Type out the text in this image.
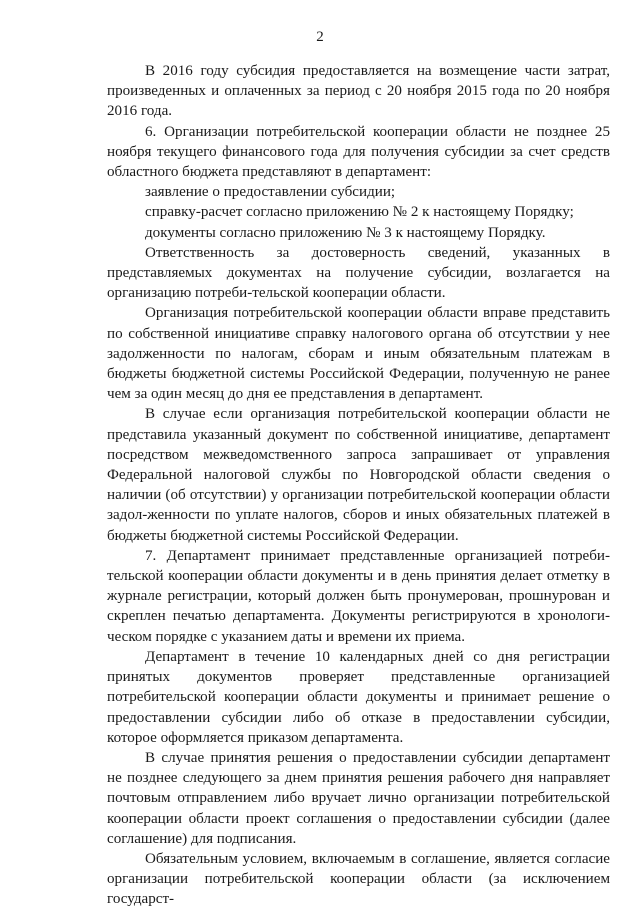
2

В 2016 году субсидия предоставляется на возмещение части затрат, произведенных и оплаченных за период с 20 ноября 2015 года по 20 ноября 2016 года.

6. Организации потребительской кооперации области не позднее 25 ноября текущего финансового года для получения субсидии за счет средств областного бюджета представляют в департамент:

заявление о предоставлении субсидии;

справку-расчет согласно приложению № 2 к настоящему Порядку;

документы согласно приложению № 3 к настоящему Порядку.

Ответственность за достоверность сведений, указанных в представляемых документах на получение субсидии, возлагается на организацию потреби-тельской кооперации области.

Организация потребительской кооперации области вправе представить по собственной инициативе справку налогового органа об отсутствии у нее задолженности по налогам, сборам и иным обязательным платежам в бюджеты бюджетной системы Российской Федерации, полученную не ранее чем за один месяц до дня ее представления в департамент.

В случае если организация потребительской кооперации области не представила указанный документ по собственной инициативе, департамент посредством межведомственного запроса запрашивает от управления Федеральной налоговой службы по Новгородской области сведения о наличии (об отсутствии) у организации потребительской кооперации области задол-женности по уплате налогов, сборов и иных обязательных платежей в бюджеты бюджетной системы Российской Федерации.

7. Департамент принимает представленные организацией потреби-тельской кооперации области документы и в день принятия делает отметку в журнале регистрации, который должен быть пронумерован, прошнурован и скреплен печатью департамента. Документы регистрируются в хронологи-ческом порядке с указанием даты и времени их приема.

Департамент в течение 10 календарных дней со дня регистрации принятых документов проверяет представленные организацией потребительской кооперации области документы и принимает решение о предоставлении субсидии либо об отказе в предоставлении субсидии, которое оформляется приказом департамента.

В случае принятия решения о предоставлении субсидии департамент не позднее следующего за днем принятия решения рабочего дня направляет почтовым отправлением либо вручает лично организации потребительской кооперации области проект соглашения о предоставлении субсидии (далее соглашение) для подписания.

Обязательным условием, включаемым в соглашение, является согласие организации потребительской кооперации области (за исключением государст-
